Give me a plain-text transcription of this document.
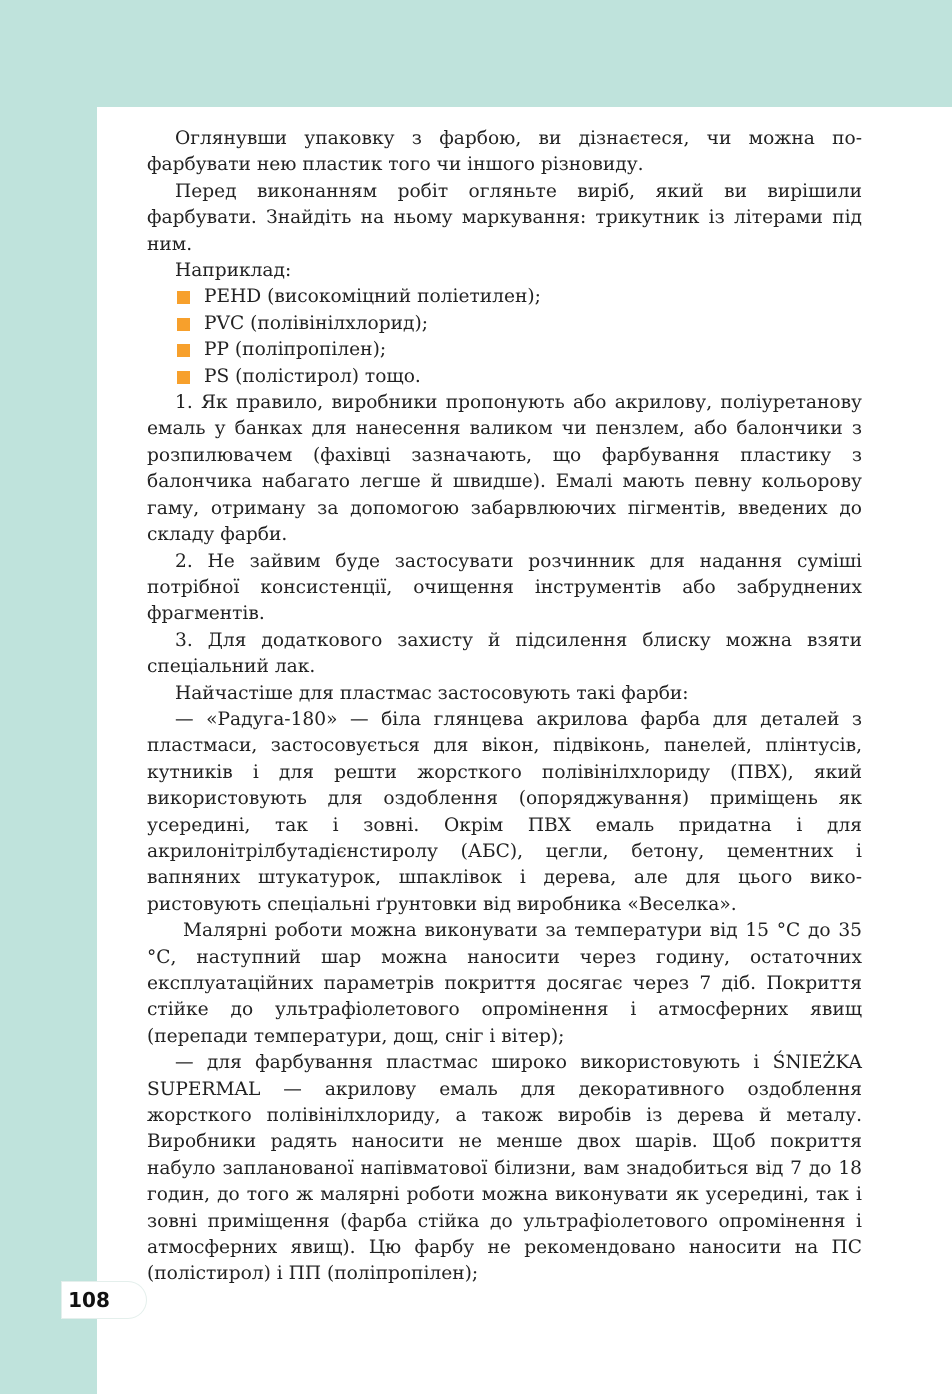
Оглянувши упаковку з фарбою, ви дізнаєтеся, чи можна пофарбувати нею пластик того чи іншого різновиду.

Перед виконанням робіт огляньте виріб, який ви вирішили фарбувати. Знайдіть на ньому маркування: трикутник із літерами під ним.

Наприклад:

PEHD (високоміцний поліетилен);
PVC (полівінілхлорид);
PP (поліпропілен);
PS (полістирол) тощо.

1. Як правило, виробники пропонують або акрилову, поліуретанову емаль у банках для нанесення валиком чи пензлем, або балончики з розпилювачем (фахівці зазначають, що фарбування пластику з балончика набагато легше й швидше). Емалі мають певну кольорову гаму, отриману за допомогою забарвлюючих пігментів, введених до складу фарби.

2. Не зайвим буде застосувати розчинник для надання суміші потрібної консистенції, очищення інструментів або забруднених фрагментів.

3. Для додаткового захисту й підсилення блиску можна взяти спеціальний лак.

Найчастіше для пластмас застосовують такі фарби:

— «Радуга-180» — біла глянцева акрилова фарба для деталей з пластмаси, застосовується для вікон, підвіконь, панелей, плінтусів, кутників і для решти жорсткого полівінілхлориду (ПВХ), який використовують для оздоблення (опоряджування) приміщень як усередині, так і зовні. Окрім ПВХ емаль придатна і для акрилонітрілбутадієнстиролу (АБС), цегли, бетону, цементних і вапняних штукатурок, шпаклівок і дерева, але для цього використовують спеціальні ґрунтовки від виробника «Веселка».

Малярні роботи можна виконувати за температури від 15 °С до 35 °С, наступний шар можна наносити через годину, остаточних експлуатаційних параметрів покриття досягає через 7 діб. Покриття стійке до ультрафіолетового опромінення і атмосферних явищ (перепади температури, дощ, сніг і вітер);

— для фарбування пластмас широко використовують і ŚNIEŻKA SUPERMAL — акрилову емаль для декоративного оздоблення жорсткого полівінілхлориду, а також виробів із дерева й металу. Виробники радять наносити не менше двох шарів. Щоб покриття набуло запланованої напівматової білизни, вам знадобиться від 7 до 18 годин, до того ж малярні роботи можна виконувати як усередині, так і зовні приміщення (фарба стійка до ультрафіолетового опромінення і атмосферних явищ). Цю фарбу не рекомендовано наносити на ПС (полістирол) і ПП (поліпропілен);

108
